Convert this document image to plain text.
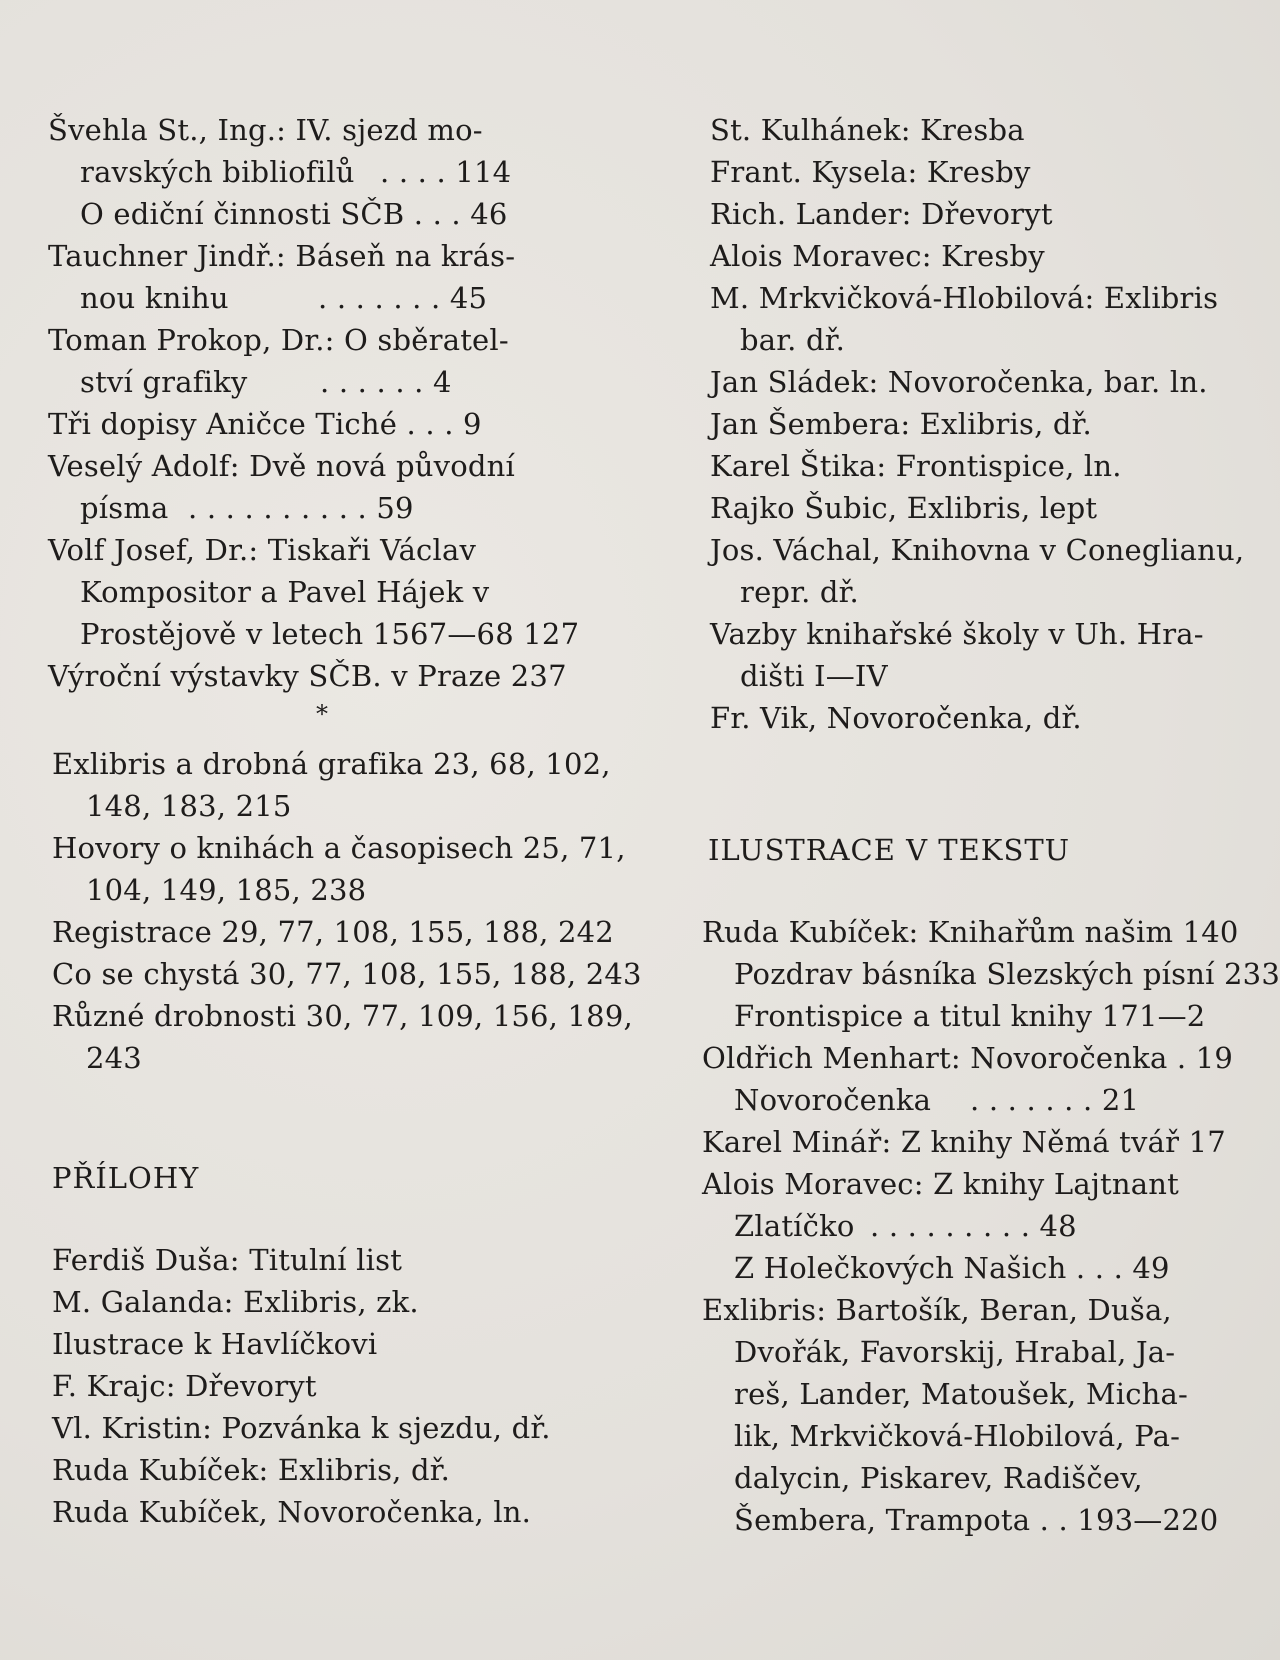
Švehla St., Ing.: IV. sjezd mo-
ravských bibliofilů . . . . 114
O ediční činnosti SČB . . . 46
Tauchner Jindř.: Báseň na krás-
nou knihu	. . . . . . . 45
Toman Prokop, Dr.: O sběratel-
ství grafiky	. . . . . . 4
Tři dopisy Aničce Tiché . . . 9
Veselý Adolf: Dvě nová původní
písma . . . . . . . . . . 59
Volf Josef, Dr.: Tiskaři Václav
Kompositor a Pavel Hájek v
Prostějově v letech 1567—68 127
Výroční výstavky SČB. v Praze 237
*
Exlibris a drobná grafika 23, 68, 102,
148, 183, 215
Hovory o knihách a časopisech 25, 71,
104, 149, 185, 238
Registrace 29, 77, 108, 155, 188, 242
Co se chystá 30, 77, 108, 155, 188, 243
Různé drobnosti 30, 77, 109, 156, 189,
243
PŘÍLOHY
Ferdiš Duša: Titulní list
M. Galanda: Exlibris, zk.
Ilustrace k Havlíčkovi
F. Krajc: Dřevoryt
Vl. Kristin: Pozvánka k sjezdu, dř.
Ruda Kubíček: Exlibris, dř.
Ruda Kubíček, Novoročenka, ln.
St. Kulhánek: Kresba
Frant. Kysela: Kresby
Rich. Lander: Dřevoryt
Alois Moravec: Kresby
M. Mrkvičková-Hlobilová: Exlibris
bar. dř.
Jan Sládek: Novoročenka, bar. ln.
Jan Šembera: Exlibris, dř.
Karel Štika: Frontispice, ln.
Rajko Šubic, Exlibris, lept
Jos. Váchal, Knihovna v Coneglianu,
repr. dř.
Vazby knihařské školy v Uh. Hra-
dišti I—IV
Fr. Vik, Novoročenka, dř.
ILUSTRACE V TEKSTU
Ruda Kubíček: Knihařům našim 140
Pozdrav básníka Slezských písní 233
Frontispice a titul knihy 171—2
Oldřich Menhart: Novoročenka . 19
Novoročenka . . . . . . . 21
Karel Minář: Z knihy Němá tvář 17
Alois Moravec: Z knihy Lajtnant
Zlatíčko . . . . . . . . . 48
Z Holečkových Našich . . . 49
Exlibris: Bartošík, Beran, Duša,
Dvořák, Favorskij, Hrabal, Ja-
reš, Lander, Matoušek, Micha-
lik, Mrkvičková-Hlobilová, Pa-
dalycin, Piskarev, Radiščev,
Šembera, Trampota . . 193—220
